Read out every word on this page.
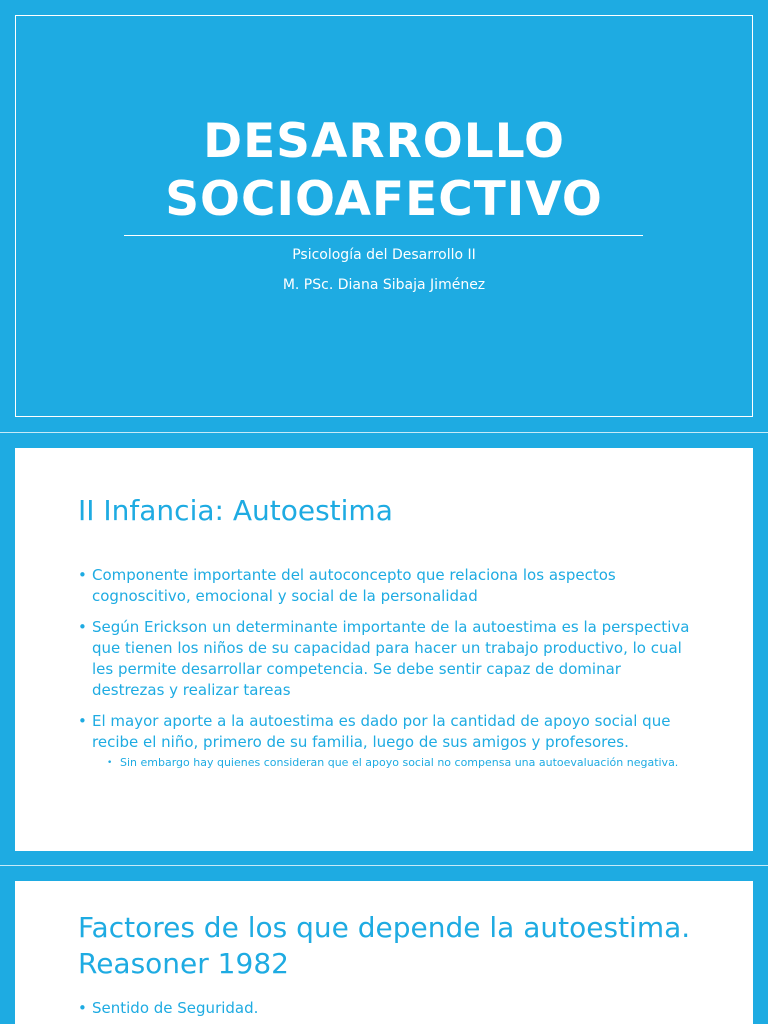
DESARROLLO
SOCIOAFECTIVO
Psicología del Desarrollo II
M. PSc. Diana Sibaja Jiménez
II Infancia: Autoestima
• Componente importante del autoconcepto que relaciona los aspectos cognoscitivo, emocional y social de la personalidad
• Según Erickson un determinante importante de la autoestima es la perspectiva que tienen los niños de su capacidad para hacer un trabajo productivo, lo cual les permite desarrollar competencia. Se debe sentir capaz de dominar destrezas y realizar tareas
• El mayor aporte a la autoestima es dado por la cantidad de apoyo social que recibe el niño, primero de su familia, luego de sus amigos y profesores.
• Sin embargo hay quienes consideran que el apoyo social no compensa una autoevaluación negativa.
Factores de los que depende la autoestima.
Reasoner 1982
• Sentido de Seguridad.
•
